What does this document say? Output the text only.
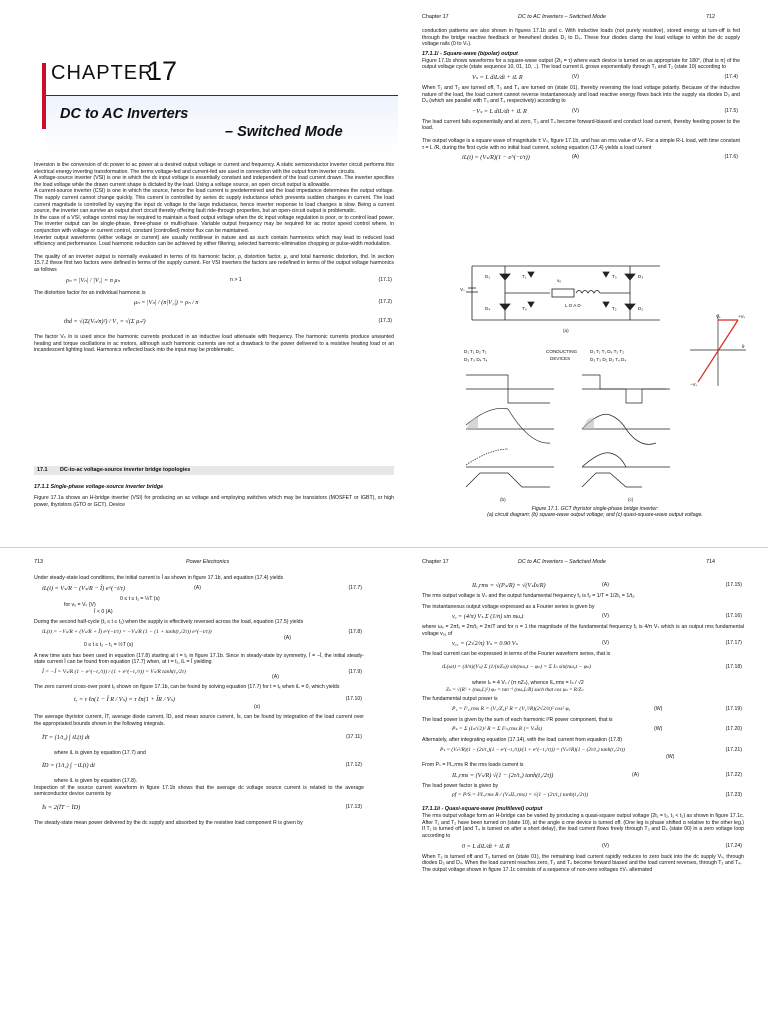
Chapter 17	DC to AC Inverters – Switched Mode	712
CHAPTER
17
DC to AC Inverters
– Switched Mode

Inversion is the conversion of dc power to ac power at a desired output voltage or current and frequency. A static semiconductor inverter circuit performs this electrical energy inverting transformation. The terms voltage-fed and current-fed are used in connection with the output from inverter circuits.

A voltage-source inverter (VSI) is one in which the dc input voltage is essentially constant and independent of the load current drawn. The inverter specifies the load voltage while the drawn current shape is dictated by the load. Using a voltage source, an open circuit output is allowable.

A current-source inverter (CSI) is one in which the source, hence the load current is predetermined and the load impedance determines the output voltage. The supply current cannot change quickly. This current is controlled by series dc supply inductance which prevents sudden changes in current. The load current magnitude is controlled by varying the input dc voltage to the large inductance, hence inverter response to load changes is slow. Being a current source, the inverter can survive an output short circuit thereby offering fault ride-through properties, but an open-circuit output is problematic.

In the case of a VSI, voltage control may be required to maintain a fixed output voltage when the dc input voltage regulation is poor, or to control load power. The inverter output can be single-phase, three-phase or multi-phase. Variable output frequency may be required for ac motor speed control where, in conjunction with voltage or current control, constant (controlled) motor flux can be maintained.

Inverter output waveforms (either voltage or current) are usually rectilinear in nature and as such contain harmonics which may lead to reduced load efficiency and performance. Load harmonic reduction can be achieved by either filtering, selected harmonic-elimination chopping or pulse-width modulation.

The quality of an inverter output is normally evaluated in terms of its harmonic factor, ρ, distortion factor, μ, and total harmonic distortion, thd. In section 15.7.2 these first two factors were defined in terms of the supply current. For VSI inverters the factors are redefined in terms of the output voltage harmonics as follows

ρₙ = |Vₙ| / |V₁| = n μₙ	n > 1	(17.1)

The distortion factor for an individual harmonic is

μₙ = |Vₙ| / (n|V₁|) = ρₙ / n	(17.2)
thd = √(Σ(Vₙ/n)²) / V₁ = √(Σ μₙ²)	(17.3)

The factor Vₙ /n is used since the harmonic currents produced in an inductive load attenuate with frequency. The harmonic currents produce unwanted heating and torque oscillations in ac motors, although such harmonic currents are not a drawback to the power delivered to a resistive heating load or an incandescent lighting load. Harmonics reflected back into the input may be problematic.

17.1 DC-to-ac voltage-source inverter bridge topologies

17.1.1 Single-phase voltage-source inverter bridge

Figure 17.1a shows an H-bridge inverter (VSI) for producing an ac voltage and employing switches which may be transistors (MOSFET or IGBT), or high power, thyristors (GTO or GCT). Device

conduction patterns are also shown in figures 17.1b and c. With inductive loads (not purely resistive), stored energy at turn-off is fed through the bridge reactive feedback or freewheel diodes D₁ to D₄. These four diodes clamp the load voltage to within the dc supply voltage rails (0 to Vₛ).

17.1.1i - Square-wave (bipolar) output

Figure 17.1b shows waveforms for a square-wave output (2t₁ = τ) where each device is turned on as appropriate for 180°, (that is π) of the output voltage cycle (state sequence 10, 01, 10, ..). The load current iL grows exponentially through T₁ and T₂ (state 10) according to

Vₛ = L diL/dt + iL R	(V)	(17.4)

When T₁ and T₂ are turned off, T₃ and T₄ are turned on (state 01), thereby reversing the load voltage polarity. Because of the inductive nature of the load, the load current cannot reverse instantaneously and load reactive energy flows back into the supply via diodes D₃ and D₄ (which are parallel with T₃ and T₄ respectively) according to

−Vₛ = L diL/dt + iL R	(V)	(17.5)

The load current falls exponentially and at zero, T₃ and T₄ become forward-biased and conduct load current, thereby feeding power to the load.

The output voltage is a square wave of magnitude ± Vₛ, figure 17.1b, and has an rms value of Vₛ. For a simple R-L load, with time constant τ = L /R, during the first cycle with no initial load current, solving equation (17.4) yields a load current

iL(t) = (Vₛ/R)(1 − e^(−t/τ))	(A)	(17.6)
D₁	T₁	T₃	D₃
D₄	T₄	T₂	D₂
Vₛ
vₒ
L O A D
(a)
Vₛ	+Vₛ
θ
−Vₛ
D₁ T₁ D₂ T₂
D₃ T₃ D₄ T₄
CONDUCTING
DEVICES
D₁ T₁ T₁ D₄ T₂ T₂
D₃ T₃ D₂ D₃ T₄ D₄
(b)	(c)
Figure 17.1. GCT thyristor single-phase bridge inverter:
(a) circuit diagram; (b) square-wave output voltage; and (c) quasi-square-wave output voltage.
713	Power Electronics

Under steady-state load conditions, the initial current is Î as shown in figure 17.1b, and equation (17.4) yields

iL(t) = Vₛ/R − (Vₛ/R − Î) e^(−t/τ)	(A)	(17.7)

0 ≤ t ≤ t₁ = ½T (s)

for vₒ = Vₛ (V)

Î < 0 (A)

During the second half-cycle (t₁ ≤ t ≤ t₂) when the supply is effectively reversed across the load, equation (17.5) yields

iL(t) = −Vₛ/R + (Vₛ/R + Î) e^(−t/τ) = −Vₛ/R (1 − (1 + tanh(t₁/2τ)) e^(−t/τ))
(A)
(17.8)

0 ≤ t ≤ t₂ − t₁ = ½T (s)

A new time axis has been used in equation (17.8) starting at t = t₁ in figure 17.1b. Since in steady-state by symmetry, Ǐ = −Î, the initial steady-state current Ǐ can be found from equation (17.7) when, at t = t₁, iL = Ǐ yielding

Ǐ = −Î = Vₛ/R (1 − e^(−t₁/τ)) / (1 + e^(−t₁/τ)) = Vₛ/R tanh(t₁/2τ)
(A)
(17.9)

The zero current cross-over point tₓ shown on figure 17.1b, can be found by solving equation (17.7) for t = tₓ when iL = 0, which yields

tₓ = τ ℓn(1 − Î R / Vₛ) = τ ℓn(1 + ǏR / Vₛ)
(s)
(17.10)

The average thyristor current, ĪT, average diode current, ĪD, and mean source current, Īs, can be found by integration of the load current over the appropriated bounds shown in the following integrals.

ĪT = (1/t₂) ∫ iL(t) dt	(17.11)

where iL is given by equation (17.7) and

ĪD = (1/t₂) ∫ −iL(t) dt	(17.12)

where iL is given by equation (17.8).

Inspection of the source current waveform in figure 17.1b shows that the average dc voltage source current is related to the average semiconductor device currents by

Īs = 2(ĪT − ĪD)	(17.13)

The steady-state mean power delivered by the dc supply and absorbed by the resistive load component R is given by

Chapter 17	DC to AC Inverters – Switched Mode	714
IL,rms = √(Pₛ/R) = √(VₛĪs/R)	(A)	(17.15)

The rms output voltage is Vₛ and the output fundamental frequency fₒ is fₒ = 1/T = 1/2t₁ = 1/t₂.

The instantaneous output voltage expressed as a Fourier series is given by

vₒ = (4/π) Vₛ Σ (1/n) sin nωₒt	(V)	(17.16)

where ωₒ = 2πfₒ = 2π/t₂ = 2π/T and for n = 1 the magnitude of the fundamental frequency fₒ is 4/π Vₛ which is an output rms fundamental voltage vₒ₁ of

vₒ₁ = (2√2/π) Vₛ = 0.90 Vₛ	(V)	(17.17)

The load current can be expressed in terms of the Fourier waveform series, that is

iL(ωt) = (4/π)(Vₛ) Σ (1/(nZₙ)) sin(nωₒt − φₙ) = Σ Iₙ sin(nωₒt − φₙ)	(17.18)

where Iₙ = 4 Vₛ / (π nZₙ), whence IL,rms = Iₙ / √2

Zₙ = √(R² + (nωₒL)²) φₙ = tan⁻¹ (nωₒL/R) such that cos φₙ = R/Zₙ

The fundamental output power is

P₁ = I²₁,rms R = (V₁/Z₁)² R = (V₁²/R)(2√2/π)² cos² φ₁	(W)	(17.19)

The load power is given by the sum of each harmonic I²R power component, that is

Pₛ = Σ (Iₙ/√2)² R = Σ I²ₙ,rms R (= VₛĪs)	(W)	(17.20)

Alternately, after integrating equation (17.14), with the load current from equation (17.8)

Pₛ = (Vₛ²/R)(1 − (2τ/t₁)(1 − e^(−t₁/τ))/(1 + e^(−t₁/τ))) = (Vₛ²/R)(1 − (2τ/t₁) tanh(t₁/2τ))
(W)
(17.21)

From Pₛ = I²L,rms R the rms loads current is

IL,rms = (Vₛ/R) √(1 − (2τ/t₁) tanh(t₁/2τ))	(A)	(17.22)

The load power factor is given by

pf = P/S = I²L,rms R / (VₛIL,rms) = √(1 − (2τ/t₁) tanh(t₁/2τ))	(17.23)

17.1.1ii - Quasi-square-wave (multilevel) output

The rms output voltage form an H-bridge can be varied by producing a quasi-square output voltage (2t₁ = t₂, t₁ < t₂) as shown in figure 17.1c. After T₁ and T₂ have been turned on (state 10), at the angle α one device is turned off. (One leg is phase shifted α relative to the other leg.) If T₁ is turned off (and T₄ is turned on after a short delay), the load current flows freely through T₂ and D₄ (state 00) in a zero voltage loop according to

0 = L diL/dt + iL R	(V)	(17.24)

When T₂ is turned off and T₃ turned on (state 01), the remaining load current rapidly reduces to zero back into the dc supply Vₛ, through diodes D₃ and D₄. When the load current reaches zero, T₃ and T₄ become forward biased and the load current reverses, through T₃ and T₄.

The output voltage shown in figure 17.1c consists of a sequence of non-zero voltages ±Vₛ alternated
